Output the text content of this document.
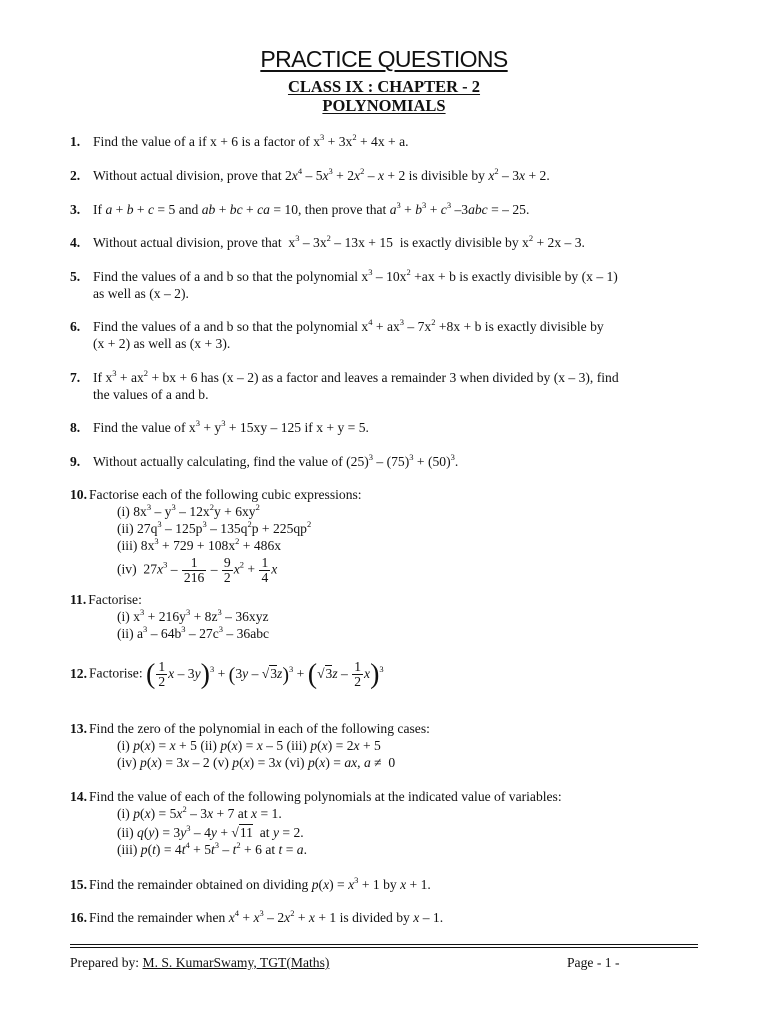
PRACTICE QUESTIONS
CLASS IX : CHAPTER - 2
POLYNOMIALS
1. Find the value of a if x + 6 is a factor of $x^3 + 3x^2 + 4x + a$.
2. Without actual division, prove that $2x^4 - 5x^3 + 2x^2 - x + 2$ is divisible by $x^2 - 3x + 2$.
3. If a + b + c = 5 and ab + bc + ca = 10, then prove that $a^3 + b^3 + c^3$ –3abc = – 25.
4. Without actual division, prove that  $x^3 - 3x^2 - 13x + 15$  is exactly divisible by $x^2 + 2x - 3$.
5. Find the values of a and b so that the polynomial $x^3 - 10x^2 +ax + b$ is exactly divisible by (x – 1)
as well as (x – 2).
6. Find the values of a and b so that the polynomial $x^4 + ax^3 - 7x^2 +8x + b$ is exactly divisible by
(x + 2) as well as (x + 3).
7. If $x^3 + ax^2$ + bx + 6 has (x – 2) as a factor and leaves a remainder 3 when divided by (x – 3), find
the values of a and b.
8. Find the value of $x^3 + y^3 + 15xy - 125$ if x + y = 5.
9. Without actually calculating, find the value of $(25)^3 - (75)^3 + (50)^3$.
10. Factorise each of the following cubic expressions:
(i) $8x^3 - y^3 - 12x^2y + 6xy^2$
(ii) $27q^3 - 125p^3 - 135q^2p + 225qp^2$
(iii) $8x^3 + 729 + 108x^2 + 486x$
(iv)  $27x^3 - \frac{1}{216} - \frac{9}{2} x^2 + \frac{1}{4}$ x
11. Factorise:
(i) $x^3 + 216y^3 + 8z^3 - 36xyz$
(ii) $a^3 - 64b^3 - 27c^3 - 36abc$
12. Factorise: ( $\frac{1}{2}$ $x - 3y)^3 + (3y - √3z)^3 + (√3z - \frac{1}{2} x)^3$
13. Find the zero of the polynomial in each of the following cases:
(i) p(x) = x + 5 (ii) p(x) = x – 5 (iii) p(x) = 2x + 5
(iv) p(x) = 3x – 2 (v) p(x) = 3x (vi) p(x) = ax, a ≠  0
14. Find the value of each of the following polynomials at the indicated value of variables:
(i) $p(x) = 5x^2 - 3x + 7$ at x = 1.
(ii) $q(y) = 3y^3 - 4y + √11$  at y = 2.
(iii) $p(t) = 4t^4 + 5t^3 - t^2 + 6$ at t = a.
15. Find the remainder obtained on dividing $p(x) = x^3 + 1$ by x + 1.
16. Find the remainder when $x^4 + x^3 - 2x^2 + x + 1$ is divided by x – 1.
Prepared by: M. S. KumarSwamy, TGT(Maths)	Page - 1 -
